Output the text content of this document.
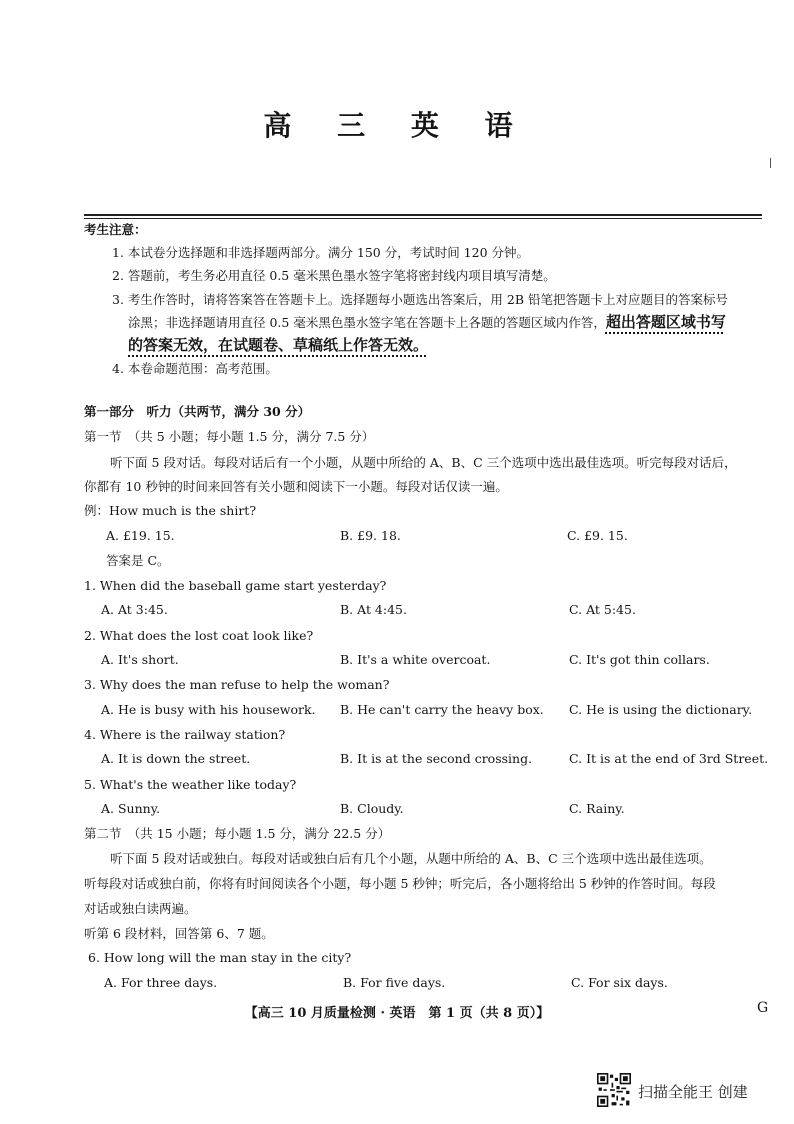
高 三 英 语
考生注意：
1. 本试卷分选择题和非选择题两部分。满分 150 分，考试时间 120 分钟。
2. 答题前，考生务必用直径 0.5 毫米黑色墨水签字笔将密封线内项目填写清楚。
3. 考生作答时，请将答案答在答题卡上。选择题每小题选出答案后，用 2B 铅笔把答题卡上对应题目的答案标号
涂黑；非选择题请用直径 0.5 毫米黑色墨水签字笔在答题卡上各题的答题区域内作答，超出答题区域书写
的答案无效，在试题卷、草稿纸上作答无效。
4. 本卷命题范围：高考范围。
第一部分　听力（共两节，满分 30 分）
第一节　（共 5 小题；每小题 1.5 分，满分 7.5 分）
听下面 5 段对话。每段对话后有一个小题，从题中所给的 A、B、C 三个选项中选出最佳选项。听完每段对话后，
你都有 10 秒钟的时间来回答有关小题和阅读下一小题。每段对话仅读一遍。
例：How much is the shirt?
A. £19. 15.	B. £9. 18.	C. £9. 15.
答案是 C。
1. When did the baseball game start yesterday?
A. At 3:45.	B. At 4:45.	C. At 5:45.
2. What does the lost coat look like?
A. It's short.	B. It's a white overcoat.	C. It's got thin collars.
3. Why does the man refuse to help the woman?
A. He is busy with his housework. B. He can't carry the heavy box. C. He is using the dictionary.
4. Where is the railway station?
A. It is down the street.	B. It is at the second crossing.	C. It is at the end of 3rd Street.
5. What's the weather like today?
A. Sunny.	B. Cloudy.	C. Rainy.
第二节　（共 15 小题；每小题 1.5 分，满分 22.5 分）
听下面 5 段对话或独白。每段对话或独白后有几个小题，从题中所给的 A、B、C 三个选项中选出最佳选项。
听每段对话或独白前，你将有时间阅读各个小题，每小题 5 秒钟；听完后，各小题将给出 5 秒钟的作答时间。每段
对话或独白读两遍。
听第 6 段材料，回答第 6、7 题。
6. How long will the man stay in the city?
A. For three days.	B. For five days.	C. For six days.
【高三 10 月质量检测 · 英语　第 1 页（共 8 页）】	G
扫描全能王 创建
